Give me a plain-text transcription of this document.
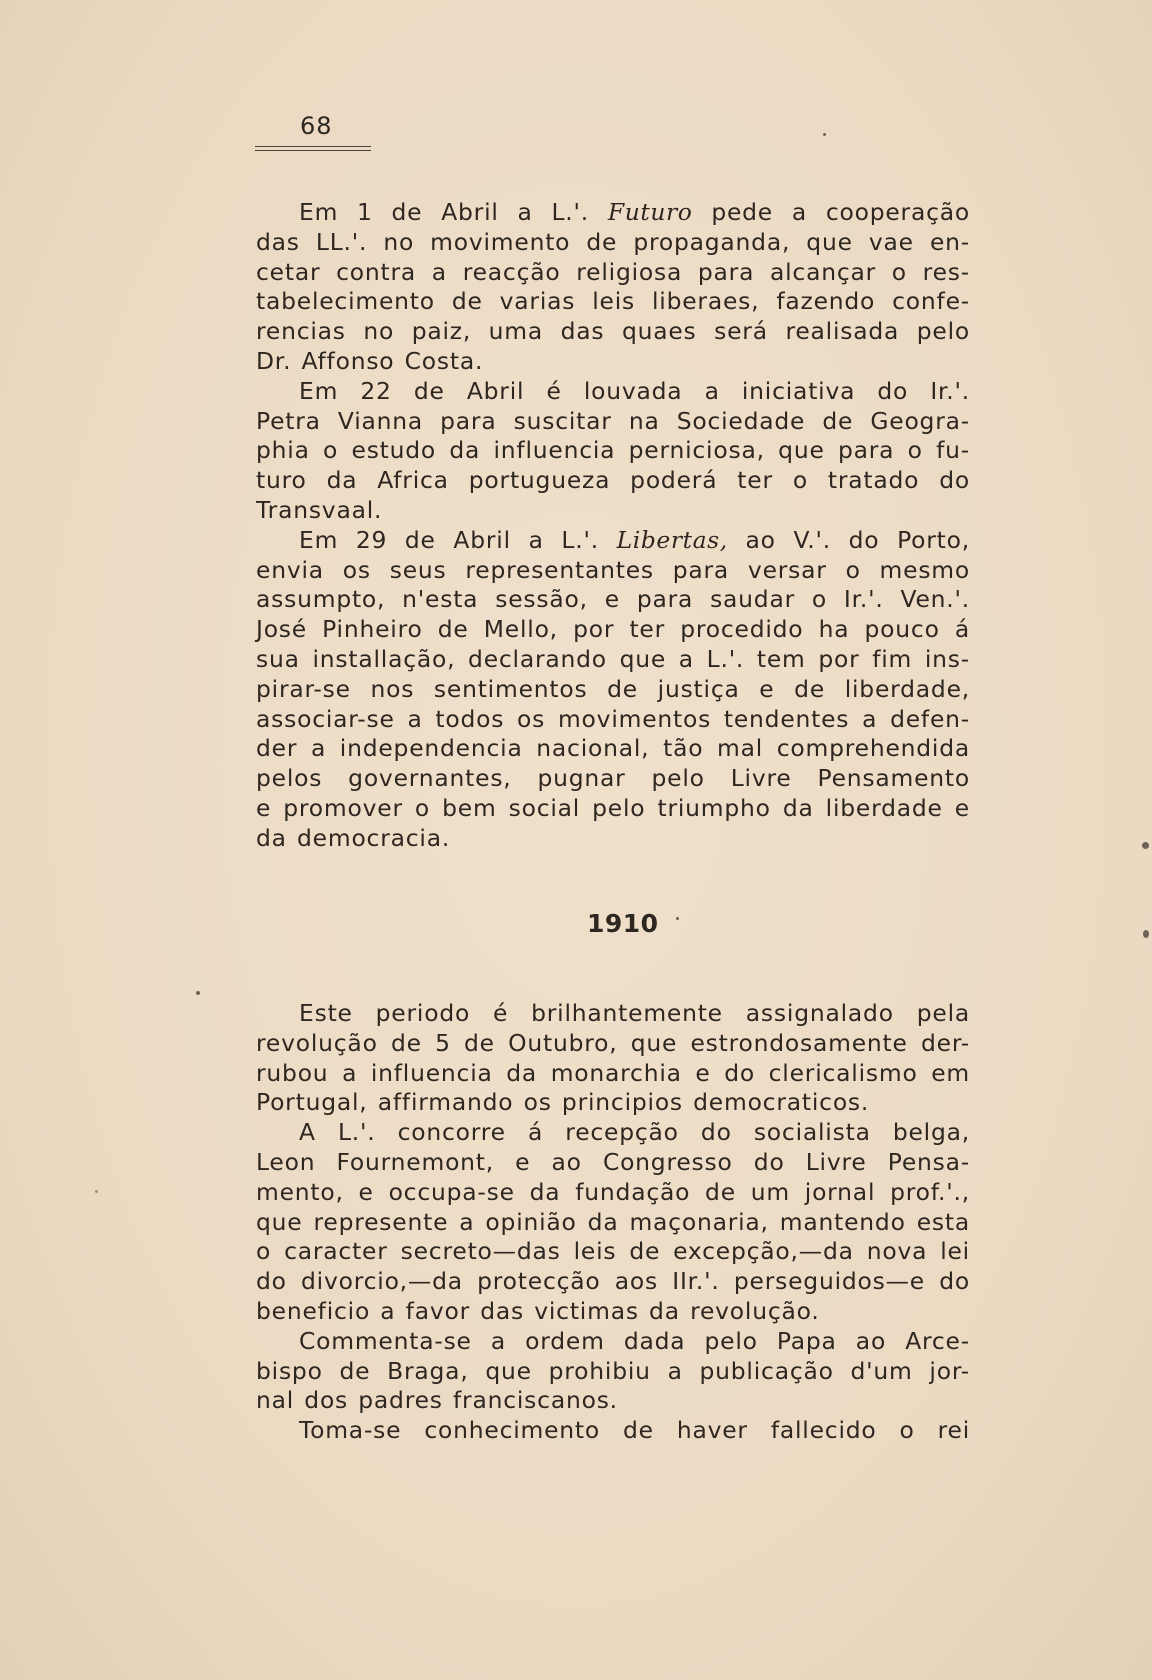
68
Em 1 de Abril a L.'. Futuro pede a cooperação
das LL.'. no movimento de propaganda, que vae en-
cetar contra a reacção religiosa para alcançar o res-
tabelecimento de varias leis liberaes, fazendo confe-
rencias no paiz, uma das quaes será realisada pelo
Dr. Affonso Costa.
Em 22 de Abril é louvada a iniciativa do Ir.'.
Petra Vianna para suscitar na Sociedade de Geogra-
phia o estudo da influencia perniciosa, que para o fu-
turo da Africa portugueza poderá ter o tratado do
Transvaal.
Em 29 de Abril a L.'. Libertas, ao V.'. do Porto,
envia os seus representantes para versar o mesmo
assumpto, n'esta sessão, e para saudar o Ir.'. Ven.'.
José Pinheiro de Mello, por ter procedido ha pouco á
sua installação, declarando que a L.'. tem por fim ins-
pirar-se nos sentimentos de justiça e de liberdade,
associar-se a todos os movimentos tendentes a defen-
der a independencia nacional, tão mal comprehendida
pelos governantes, pugnar pelo Livre Pensamento
e promover o bem social pelo triumpho da liberdade e
da democracia.
1910
Este periodo é brilhantemente assignalado pela
revolução de 5 de Outubro, que estrondosamente der-
rubou a influencia da monarchia e do clericalismo em
Portugal, affirmando os principios democraticos.
A L.'. concorre á recepção do socialista belga,
Leon Fournemont, e ao Congresso do Livre Pensa-
mento, e occupa-se da fundação de um jornal prof.'.,
que represente a opinião da maçonaria, mantendo esta
o caracter secreto—das leis de excepção,—da nova lei
do divorcio,—da protecção aos IIr.'. perseguidos—e do
beneficio a favor das victimas da revolução.
Commenta-se a ordem dada pelo Papa ao Arce-
bispo de Braga, que prohibiu a publicação d'um jor-
nal dos padres franciscanos.
Toma-se conhecimento de haver fallecido o rei
